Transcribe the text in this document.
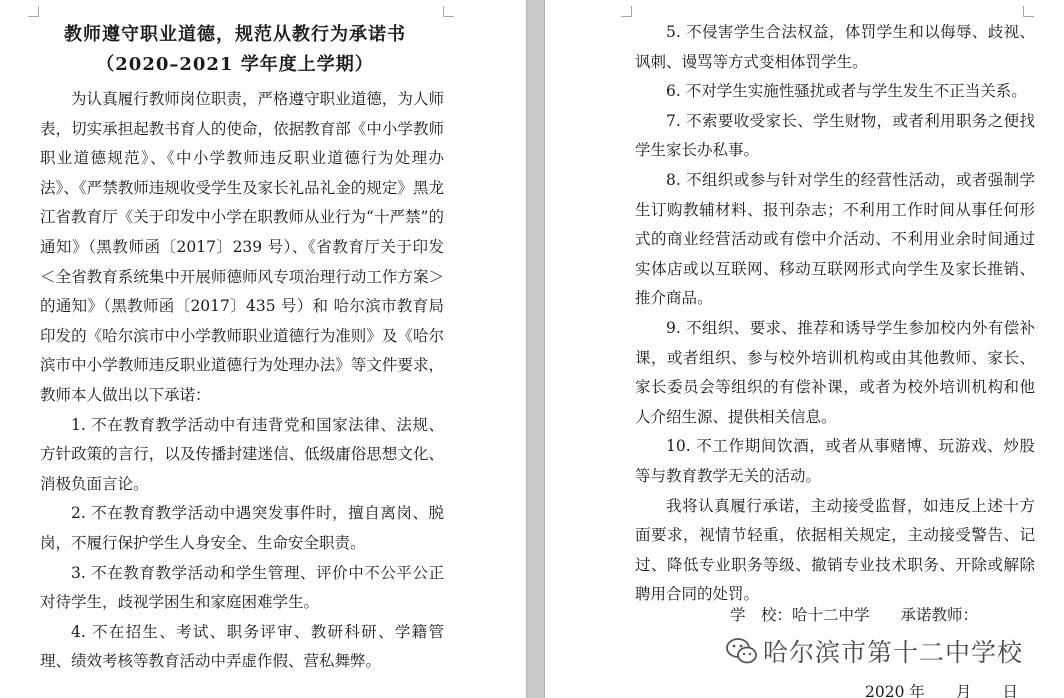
教师遵守职业道德，规范从教行为承诺书
（2020–2021 学年度上学期）

为认真履行教师岗位职责，严格遵守职业道德，为人师表，切实承担起教书育人的使命，依据教育部《中小学教师职业道德规范》、《中小学教师违反职业道德行为处理办法》、《严禁教师违规收受学生及家长礼品礼金的规定》黑龙江省教育厅《关于印发中小学在职教师从业行为“十严禁”的通知》（黑教师函〔2017〕239 号）、《省教育厅关于印发＜全省教育系统集中开展师德师风专项治理行动工作方案＞的通知》（黑教师函〔2017〕435 号）和 哈尔滨市教育局印发的《哈尔滨市中小学教师职业道德行为准则》及《哈尔滨市中小学教师违反职业道德行为处理办法》等文件要求，教师本人做出以下承诺：

1. 不在教育教学活动中有违背党和国家法律、法规、方针政策的言行，以及传播封建迷信、低级庸俗思想文化、消极负面言论。

2. 不在教育教学活动中遇突发事件时，擅自离岗、脱岗，不履行保护学生人身安全、生命安全职责。

3. 不在教育教学活动和学生管理、评价中不公平公正对待学生，歧视学困生和家庭困难学生。

4. 不在招生、考试、职务评审、教研科研、学籍管理、绩效考核等教育活动中弄虚作假、营私舞弊。

5. 不侵害学生合法权益，体罚学生和以侮辱、歧视、讽刺、谩骂等方式变相体罚学生。

6. 不对学生实施性骚扰或者与学生发生不正当关系。

7. 不索要收受家长、学生财物，或者利用职务之便找学生家长办私事。

8. 不组织或参与针对学生的经营性活动，或者强制学生订购教辅材料、报刊杂志；不利用工作时间从事任何形式的商业经营活动或有偿中介活动、不利用业余时间通过实体店或以互联网、移动互联网形式向学生及家长推销、推介商品。

9. 不组织、要求、推荐和诱导学生参加校内外有偿补课，或者组织、参与校外培训机构或由其他教师、家长、家长委员会等组织的有偿补课，或者为校外培训机构和他人介绍生源、提供相关信息。

10. 不工作期间饮酒，或者从事赌博、玩游戏、炒股等与教育教学无关的活动。

我将认真履行承诺，主动接受监督，如违反上述十方面要求，视情节轻重，依据相关规定，主动接受警告、记过、降低专业职务等级、撤销专业技术职务、开除或解除聘用合同的处罚。

学　校：哈十二中学　　承诺教师：
哈尔滨市第十二中学校
2020 年　　月　　日
